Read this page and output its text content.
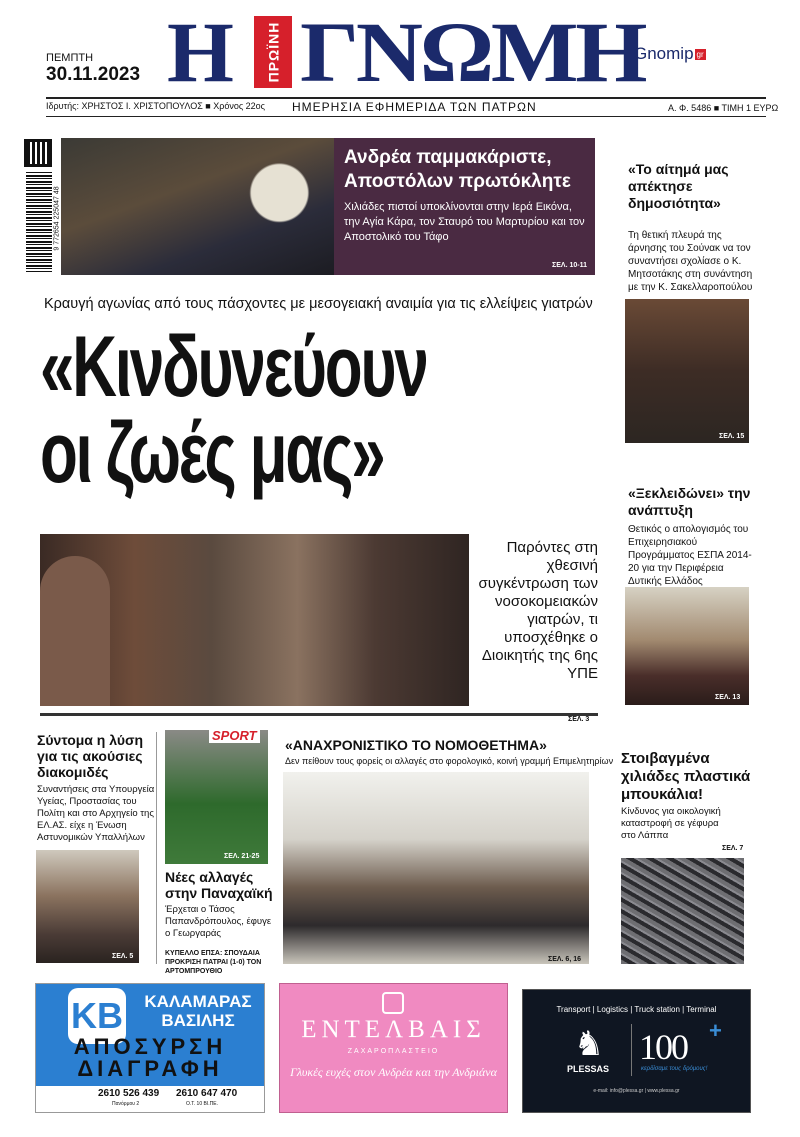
ΠΕΜΠΤΗ
30.11.2023 Η ΠΡΩΪΝΗ ΓΝΩΜΗ
Gnomip gr
Ιδρυτής: ΧΡΗΣΤΟΣ Ι. ΧΡΙΣΤΟΠΟΥΛΟΣ ■ Χρόνος 22ος ΗΜΕΡΗΣΙΑ ΕΦΗΜΕΡΙΔΑ ΤΩΝ ΠΑΤΡΩΝ	Α. Φ. 5486 ■ ΤΙΜΗ 1 ΕΥΡΩ
9 772654 225047 48
Ανδρέα παμμακάριστε, Αποστόλων πρωτόκλητε
Χιλιάδες πιστοί υποκλίνονται στην Ιερά Εικόνα, την Αγία Κάρα, τον Σταυρό του Μαρτυρίου και τον Αποστολικό του Τάφο
ΣΕΛ. 10-11
Κραυγή αγωνίας από τους πάσχοντες με μεσογειακή αναιμία για τις ελλείψεις γιατρών
«Κινδυνεύουν
οι ζωές μας»
Παρόντες στη χθεσινή συγκέντρωση των νοσοκομειακών γιατρών, τι υποσχέθηκε ο Διοικητής της 6ης ΥΠΕ
ΣΕΛ. 3
«Το αίτημά μας απέκτησε δημοσιότητα»
Τη θετική πλευρά της άρνησης του Σούνακ να τον συναντήσει σχολίασε ο Κ. Μητσοτάκης στη συνάντηση με την Κ. Σακελλαροπούλου
ΣΕΛ. 15
«Ξεκλειδώνει» την ανάπτυξη
Θετικός ο απολογισμός του Επιχειρησιακού Προγράμματος ΕΣΠΑ 2014-20 για την Περιφέρεια Δυτικής Ελλάδος
ΣΕΛ. 13
Σύντομα η λύση για τις ακούσιες διακομιδές
Συναντήσεις στα Υπουργεία Υγείας, Προστασίας του Πολίτη και στο Αρχηγείο της ΕΛ.ΑΣ. είχε η Ένωση Αστυνομικών Υπαλλήλων
ΣΕΛ. 5
SPORT
ΣΕΛ. 21-25
Νέες αλλαγές στην Παναχαϊκή
Έρχεται ο Τάσος Παπανδρόπουλος, έφυγε ο Γεωργαράς
ΚΥΠΕΛΛΟ ΕΠΣΑ: ΣΠΟΥΔΑΙΑ ΠΡΟΚΡΙΣΗ ΠΑΤΡΑΙ (1-0) ΤΟΝ ΑΡΤΟΜΠΡΟΥΘΙΟ
«ΑΝΑΧΡΟΝΙΣΤΙΚΟ ΤΟ ΝΟΜΟΘΕΤΗΜΑ»
Δεν πείθουν τους φορείς οι αλλαγές στο φορολογικό, κοινή γραμμή Επιμελητηρίων
ΣΕΛ. 6, 16
Στοιβαγμένα χιλιάδες πλαστικά μπουκάλια!
Κίνδυνος για οικολογική καταστροφή σε γέφυρα στο Λάππα
ΣΕΛ. 7
KB	ΚΑΛΑΜΑΡΑΣ ΒΑΣΙΛΗΣ
ΑΠΟΣΥΡΣΗ ΔΙΑΓΡΑΦΗ
2610 526 439 2610 647 470
Πανόρμου 2	Ο.Τ. 10 ΒΙ.ΠΕ.
ΕΝΤΕΛΒΑΙΣ
ΖΑΧΑΡΟΠΛΑΣΤΕΙΟ
Γλυκές ευχές στον Ανδρέα και την Ανδριάνα
Transport | Logistics | Truck station | Terminal
♞
PLESSAS
100 +
κερδίσαμε τους δρόμους!
e-mail: info@plessa.gr | www.plessa.gr
